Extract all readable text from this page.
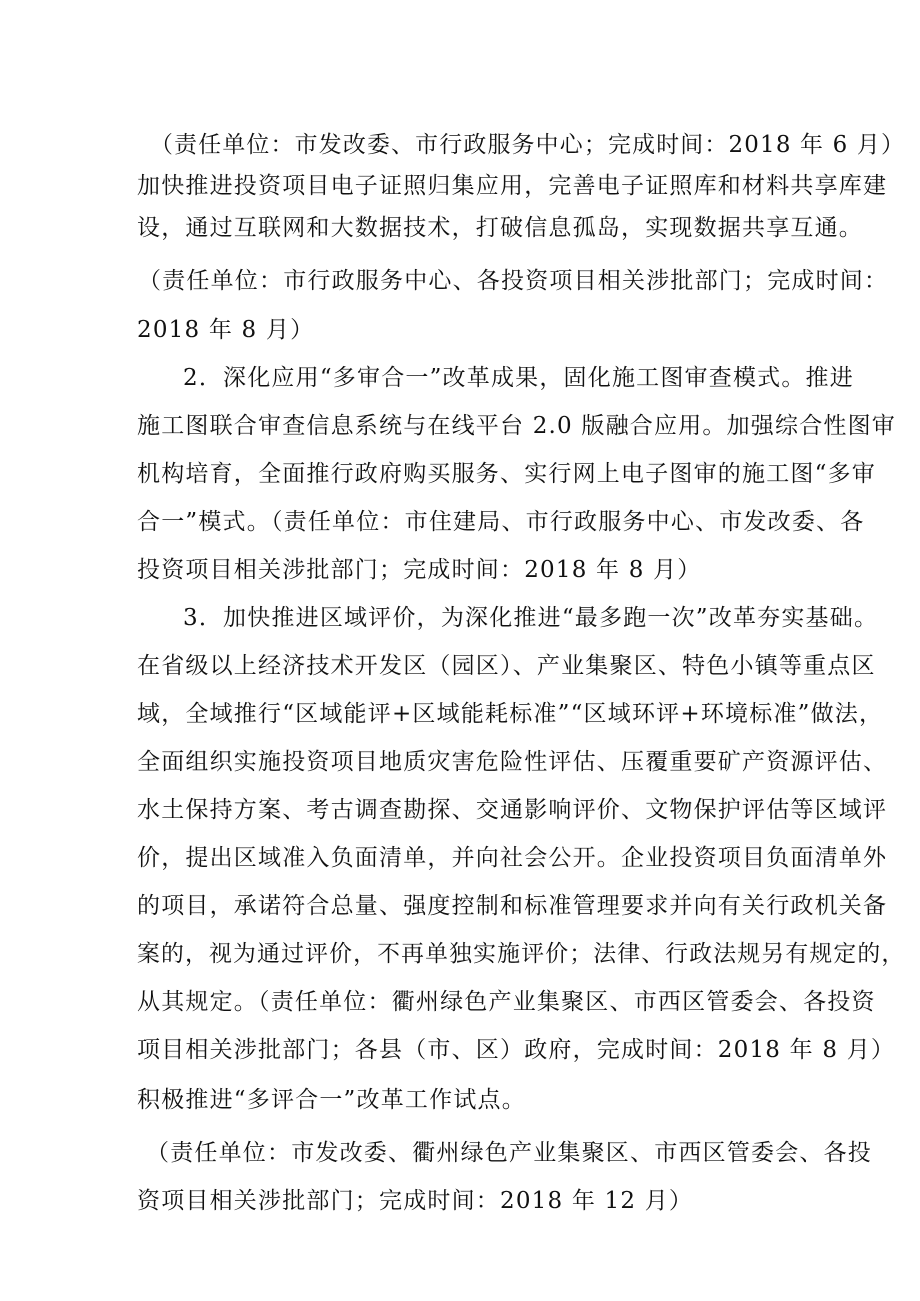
（责任单位：市发改委、市行政服务中心；完成时间：2018 年 6 月）
加快推进投资项目电子证照归集应用，完善电子证照库和材料共享库建
设，通过互联网和大数据技术，打破信息孤岛，实现数据共享互通。
（责任单位：市行政服务中心、各投资项目相关涉批部门；完成时间：
2018 年 8 月）
2．深化应用“多审合一”改革成果，固化施工图审查模式。推进
施工图联合审查信息系统与在线平台 2.0 版融合应用。加强综合性图审
机构培育，全面推行政府购买服务、实行网上电子图审的施工图“多审
合一”模式。（责任单位：市住建局、市行政服务中心、市发改委、各
投资项目相关涉批部门；完成时间：2018 年 8 月）
3．加快推进区域评价，为深化推进“最多跑一次”改革夯实基础。
在省级以上经济技术开发区（园区）、产业集聚区、特色小镇等重点区
域，全域推行“区域能评+区域能耗标准”“区域环评+环境标准”做法，
全面组织实施投资项目地质灾害危险性评估、压覆重要矿产资源评估、
水土保持方案、考古调查勘探、交通影响评价、文物保护评估等区域评
价，提出区域准入负面清单，并向社会公开。企业投资项目负面清单外
的项目，承诺符合总量、强度控制和标准管理要求并向有关行政机关备
案的，视为通过评价，不再单独实施评价；法律、行政法规另有规定的，
从其规定。（责任单位：衢州绿色产业集聚区、市西区管委会、各投资
项目相关涉批部门；各县（市、区）政府，完成时间：2018 年 8 月）
积极推进“多评合一”改革工作试点。
（责任单位：市发改委、衢州绿色产业集聚区、市西区管委会、各投
资项目相关涉批部门；完成时间：2018 年 12 月）
